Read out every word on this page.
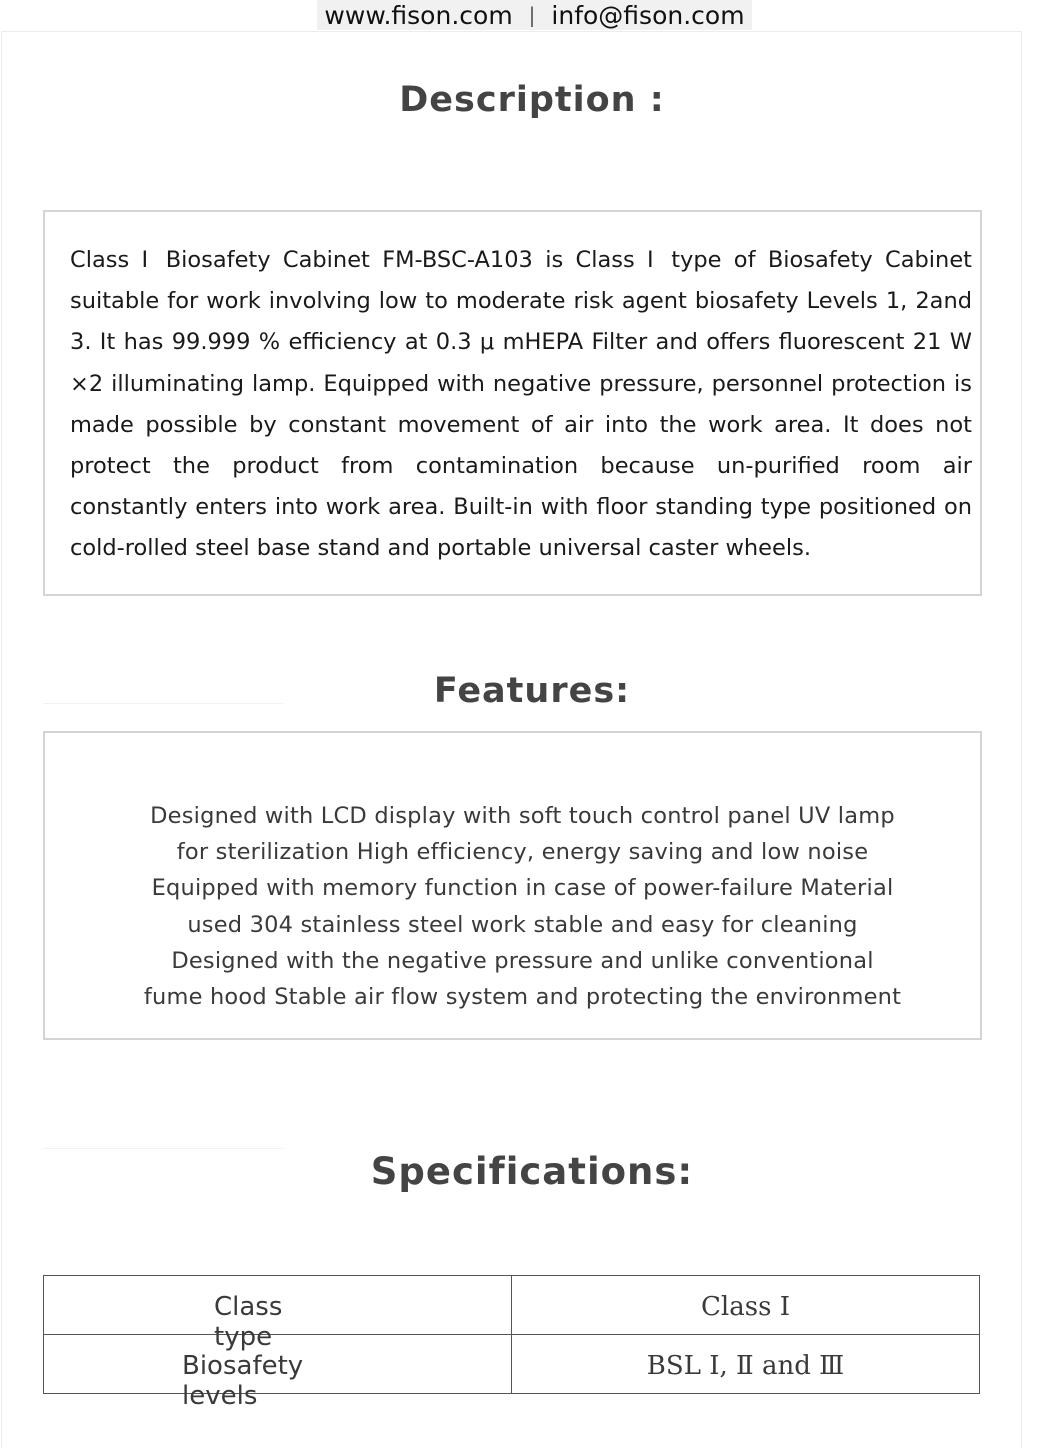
www.fison.com | info@fison.com
Description :

Class Ⅰ Biosafety Cabinet FM-BSC-A103 is Class Ⅰ type of Biosafety Cabinet suitable for work involving low to moderate risk agent biosafety Levels 1, 2and 3. It has 99.999 % efficiency at 0.3 μ mHEPA Filter and offers fluorescent 21 W ×2 illuminating lamp. Equipped with negative pressure, personnel protection is made possible by constant movement of air into the work area. It does not protect the product from contamination because un-purified room air constantly enters into work area. Built-in with floor standing type positioned on cold-rolled steel base stand and portable universal caster wheels.

Features:

Designed with LCD display with soft touch control panel UV lamp for sterilization High efficiency, energy saving and low noise Equipped with memory function in case of power-failure Material used 304 stainless steel work stable and easy for cleaning Designed with the negative pressure and unlike conventional fume hood Stable air flow system and protecting the environment

Specifications:
Class type	Class Ⅰ

Biosafety levels	BSL Ⅰ, Ⅱ and Ⅲ
